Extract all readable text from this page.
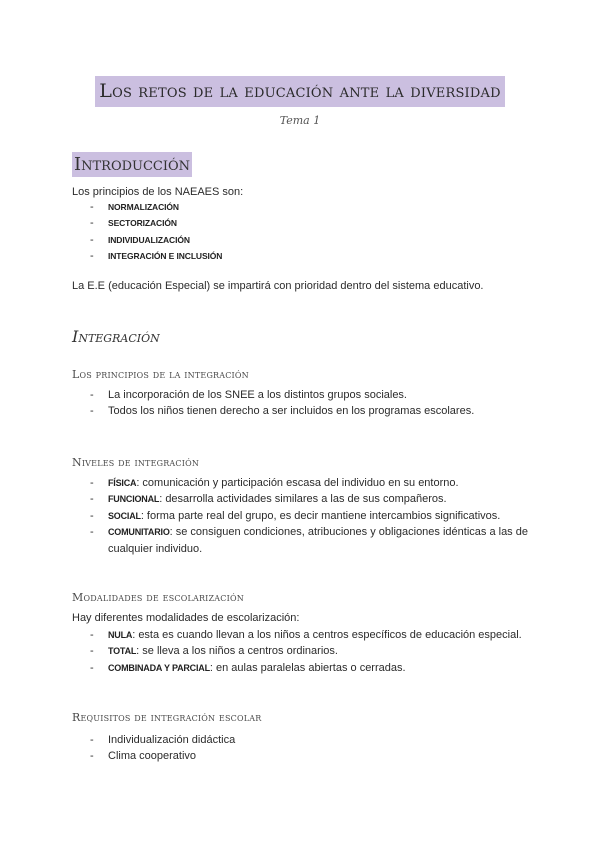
Los retos de la educación ante la diversidad
Tema 1
Introducción
Los principios de los NAEAES son:
-	NORMALIZACIÓN
-	SECTORIZACIÓN
-	INDIVIDUALIZACIÓN
-	INTEGRACIÓN E INCLUSIÓN
La E.E (educación Especial) se impartirá con prioridad dentro del sistema educativo.
Integración
Los principios de la integración
-	La incorporación de los SNEE a los distintos grupos sociales.
-	Todos los niños tienen derecho a ser incluidos en los programas escolares.
Niveles de integración
-	FÍSICA: comunicación y participación escasa del individuo en su entorno.
-	FUNCIONAL: desarrolla actividades similares a las de sus compañeros.
-	SOCIAL: forma parte real del grupo, es decir mantiene intercambios significativos.
-	COMUNITARIO: se consiguen condiciones, atribuciones y obligaciones idénticas a las de cualquier individuo.
Modalidades de escolarización
Hay diferentes modalidades de escolarización:
-	NULA: esta es cuando llevan a los niños a centros específicos de educación especial.
-	TOTAL: se lleva a los niños a centros ordinarios.
-	COMBINADA Y PARCIAL: en aulas paralelas abiertas o cerradas.
Requisitos de integración escolar
-	Individualización didáctica
-	Clima cooperativo
